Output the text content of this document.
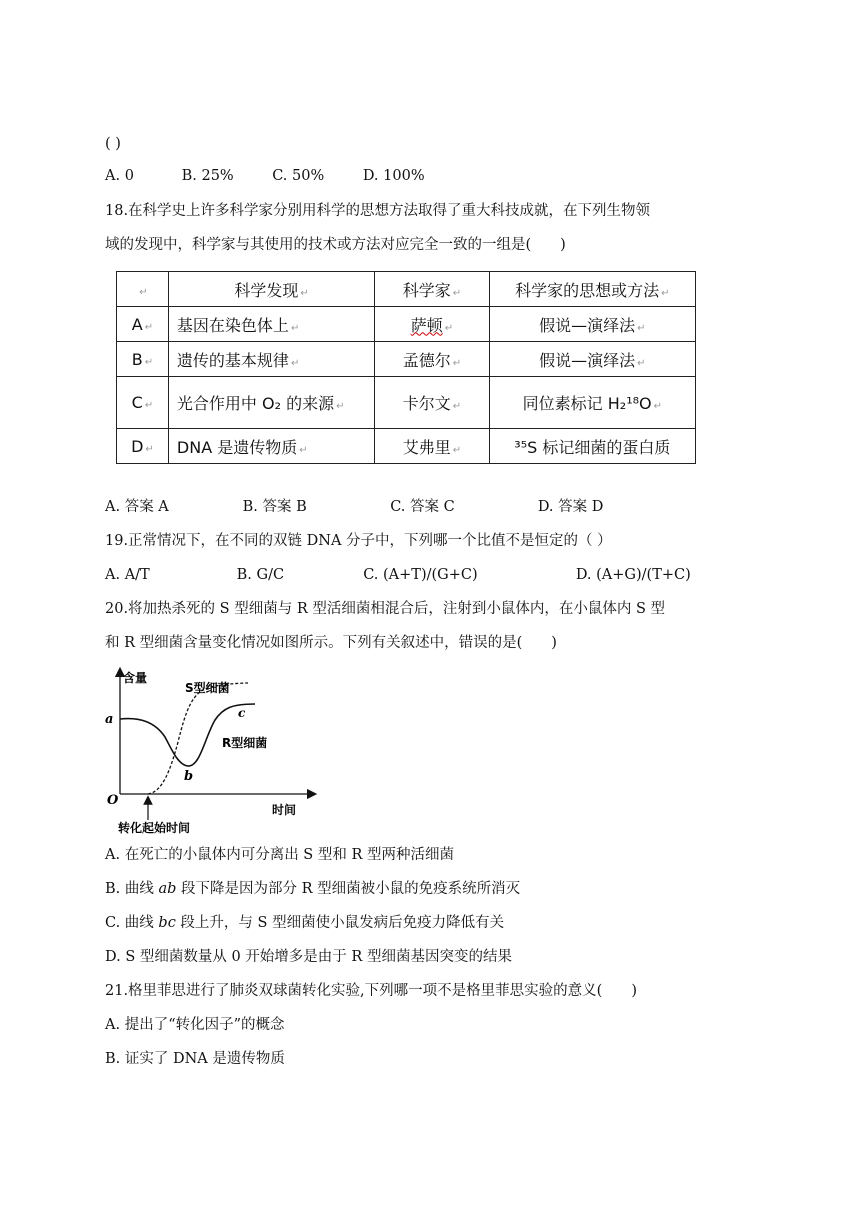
( )
A. 0	B. 25%	C. 50%	D. 100%
18.在科学史上许多科学家分别用科学的思想方法取得了重大科技成就，在下列生物领
域的发现中，科学家与其使用的技术或方法对应完全一致的一组是(　　)
↵	科学发现 ↵	科学家 ↵	科学家的思想或方法 ↵
A ↵	基因在染色体上 ↵	萨顿 ↵	假说—演绎法 ↵
B ↵	遗传的基本规律 ↵	孟德尔 ↵	假说—演绎法 ↵
C ↵	光合作用中 O₂ 的来源 ↵	卡尔文 ↵	同位素标记 H₂¹⁸O ↵
D ↵	DNA 是遗传物质 ↵	艾弗里 ↵	³⁵S 标记细菌的蛋白质
A. 答案 A	B. 答案 B	C. 答案 C	D. 答案 D
19.正常情况下，在不同的双链 DNA 分子中，下列哪一个比值不是恒定的（ ）
A. A/T	B. G/C	C. (A+T)/(G+C)	D. (A+G)/(T+C)
20.将加热杀死的 S 型细菌与 R 型活细菌相混合后，注射到小鼠体内，在小鼠体内 S 型
和 R 型细菌含量变化情况如图所示。下列有关叙述中，错误的是(　　)
含量
S型细菌
R型细菌
a
b
c
O
时间
转化起始时间
A. 在死亡的小鼠体内可分离出 S 型和 R 型两种活细菌
B. 曲线 ab 段下降是因为部分 R 型细菌被小鼠的免疫系统所消灭
C. 曲线 bc 段上升，与 S 型细菌使小鼠发病后免疫力降低有关
D. S 型细菌数量从 0 开始增多是由于 R 型细菌基因突变的结果
21.格里菲思进行了肺炎双球菌转化实验,下列哪一项不是格里菲思实验的意义(　　)
A. 提出了“转化因子”的概念
B. 证实了 DNA 是遗传物质
